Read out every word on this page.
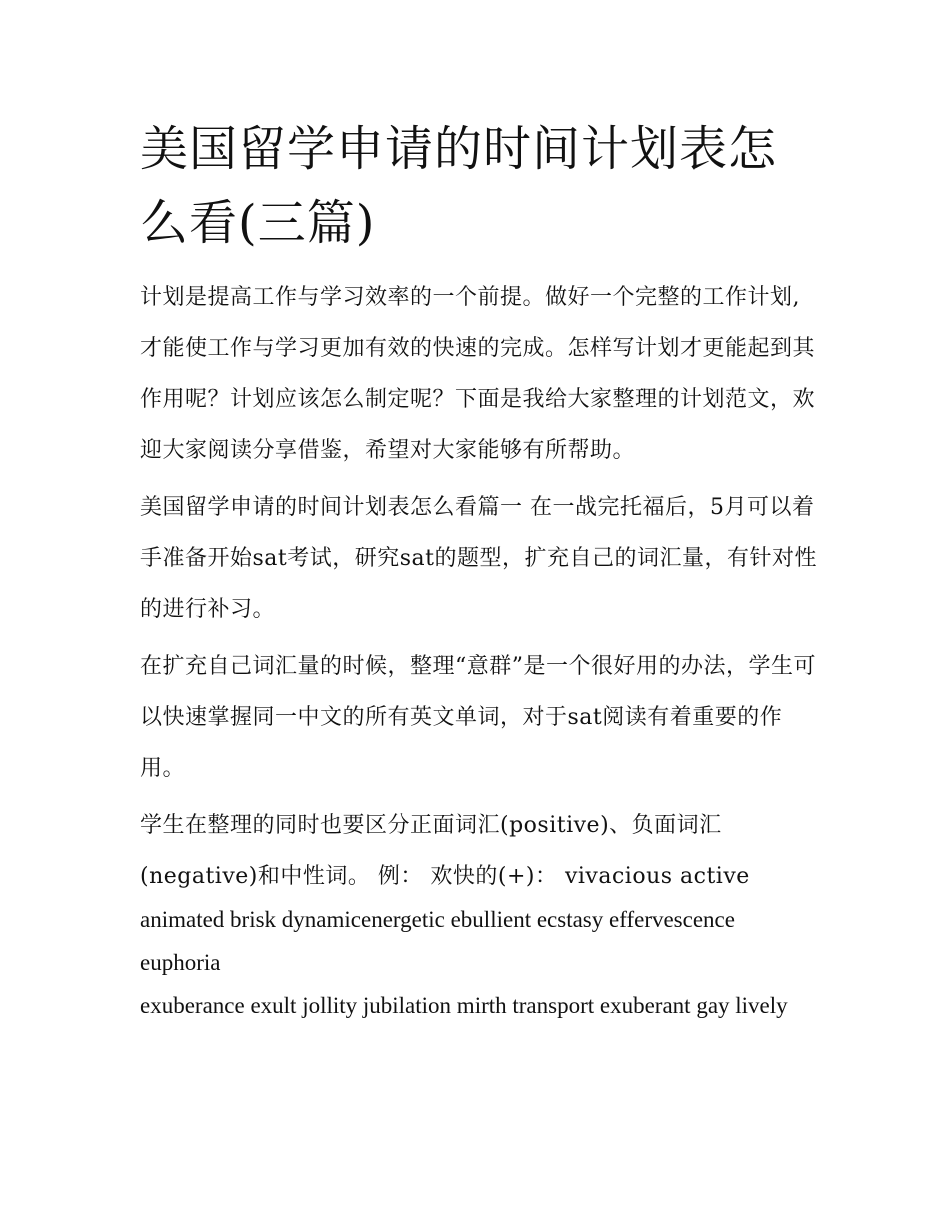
美国留学申请的时间计划表怎么看(三篇)

计划是提高工作与学习效率的一个前提。做好一个完整的工作计划,才能使工作与学习更加有效的快速的完成。怎样写计划才更能起到其作用呢？计划应该怎么制定呢？下面是我给大家整理的计划范文，欢迎大家阅读分享借鉴，希望对大家能够有所帮助。

美国留学申请的时间计划表怎么看篇一 在一战完托福后，5月可以着手准备开始sat考试，研究sat的题型，扩充自己的词汇量，有针对性的进行补习。

在扩充自己词汇量的时候，整理“意群”是一个很好用的办法，学生可以快速掌握同一中文的所有英文单词，对于sat阅读有着重要的作用。

学生在整理的同时也要区分正面词汇(positive)、负面词汇(negative)和中性词。 例： 欢快的(+)： vivacious active

animated brisk dynamicenergetic ebullient ecstasy effervescence euphoria

exuberance exult jollity jubilation mirth transport exuberant gay lively
